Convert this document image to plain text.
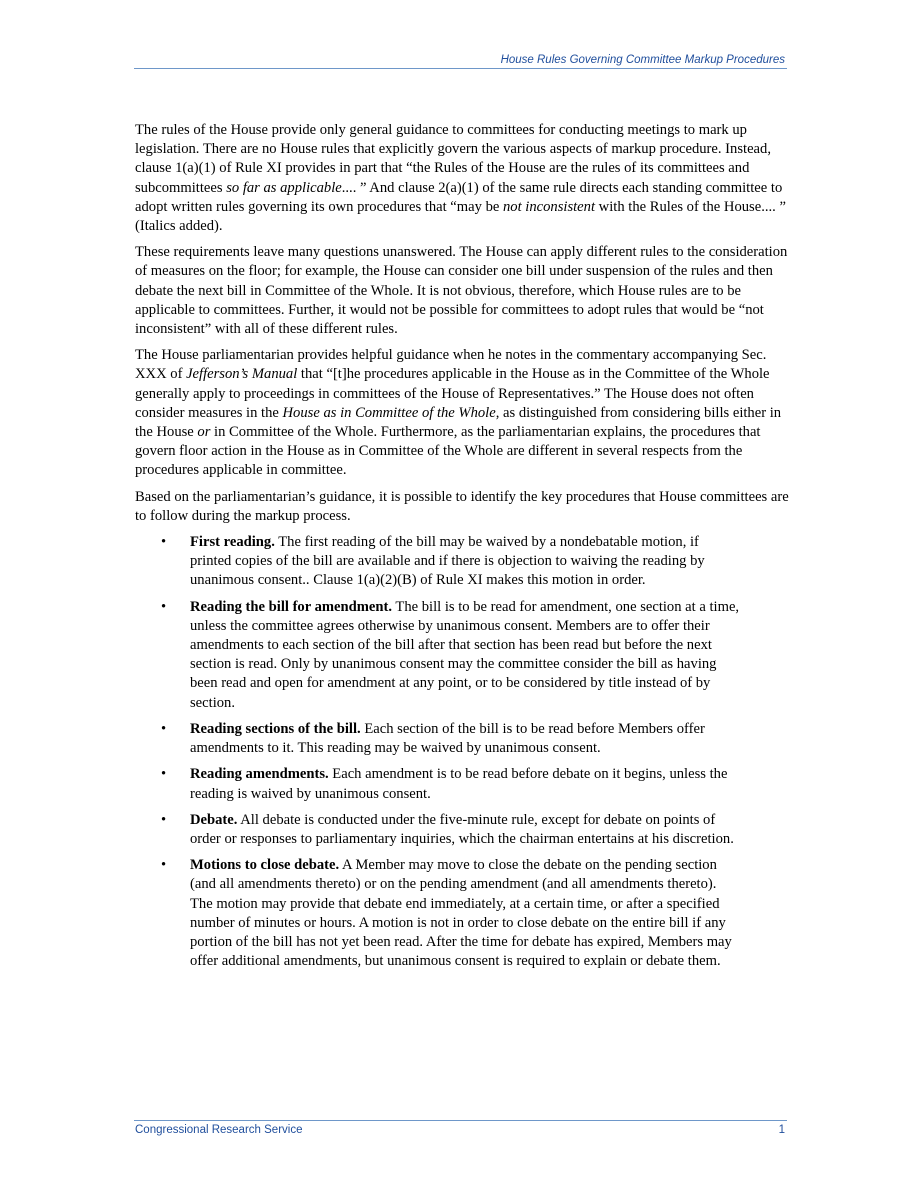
House Rules Governing Committee Markup Procedures

The rules of the House provide only general guidance to committees for conducting meetings to mark up legislation. There are no House rules that explicitly govern the various aspects of markup procedure. Instead, clause 1(a)(1) of Rule XI provides in part that “the Rules of the House are the rules of its committees and subcommittees so far as applicable.... ” And clause 2(a)(1) of the same rule directs each standing committee to adopt written rules governing its own procedures that “may be not inconsistent with the Rules of the House.... ” (Italics added).

These requirements leave many questions unanswered. The House can apply different rules to the consideration of measures on the floor; for example, the House can consider one bill under suspension of the rules and then debate the next bill in Committee of the Whole. It is not obvious, therefore, which House rules are to be applicable to committees. Further, it would not be possible for committees to adopt rules that would be “not inconsistent” with all of these different rules.

The House parliamentarian provides helpful guidance when he notes in the commentary accompanying Sec. XXX of Jefferson’s Manual that “[t]he procedures applicable in the House as in the Committee of the Whole generally apply to proceedings in committees of the House of Representatives.” The House does not often consider measures in the House as in Committee of the Whole, as distinguished from considering bills either in the House or in Committee of the Whole. Furthermore, as the parliamentarian explains, the procedures that govern floor action in the House as in Committee of the Whole are different in several respects from the procedures applicable in committee.

Based on the parliamentarian’s guidance, it is possible to identify the key procedures that House committees are to follow during the markup process.

• First reading. The first reading of the bill may be waived by a nondebatable motion, if printed copies of the bill are available and if there is objection to waiving the reading by unanimous consent.. Clause 1(a)(2)(B) of Rule XI makes this motion in order.
• Reading the bill for amendment. The bill is to be read for amendment, one section at a time, unless the committee agrees otherwise by unanimous consent. Members are to offer their amendments to each section of the bill after that section has been read but before the next section is read. Only by unanimous consent may the committee consider the bill as having been read and open for amendment at any point, or to be considered by title instead of by section.
• Reading sections of the bill. Each section of the bill is to be read before Members offer amendments to it. This reading may be waived by unanimous consent.
• Reading amendments. Each amendment is to be read before debate on it begins, unless the reading is waived by unanimous consent.
• Debate. All debate is conducted under the five-minute rule, except for debate on points of order or responses to parliamentary inquiries, which the chairman entertains at his discretion.
• Motions to close debate. A Member may move to close the debate on the pending section (and all amendments thereto) or on the pending amendment (and all amendments thereto). The motion may provide that debate end immediately, at a certain time, or after a specified number of minutes or hours. A motion is not in order to close debate on the entire bill if any portion of the bill has not yet been read. After the time for debate has expired, Members may offer additional amendments, but unanimous consent is required to explain or debate them.
Congressional Research Service	1
